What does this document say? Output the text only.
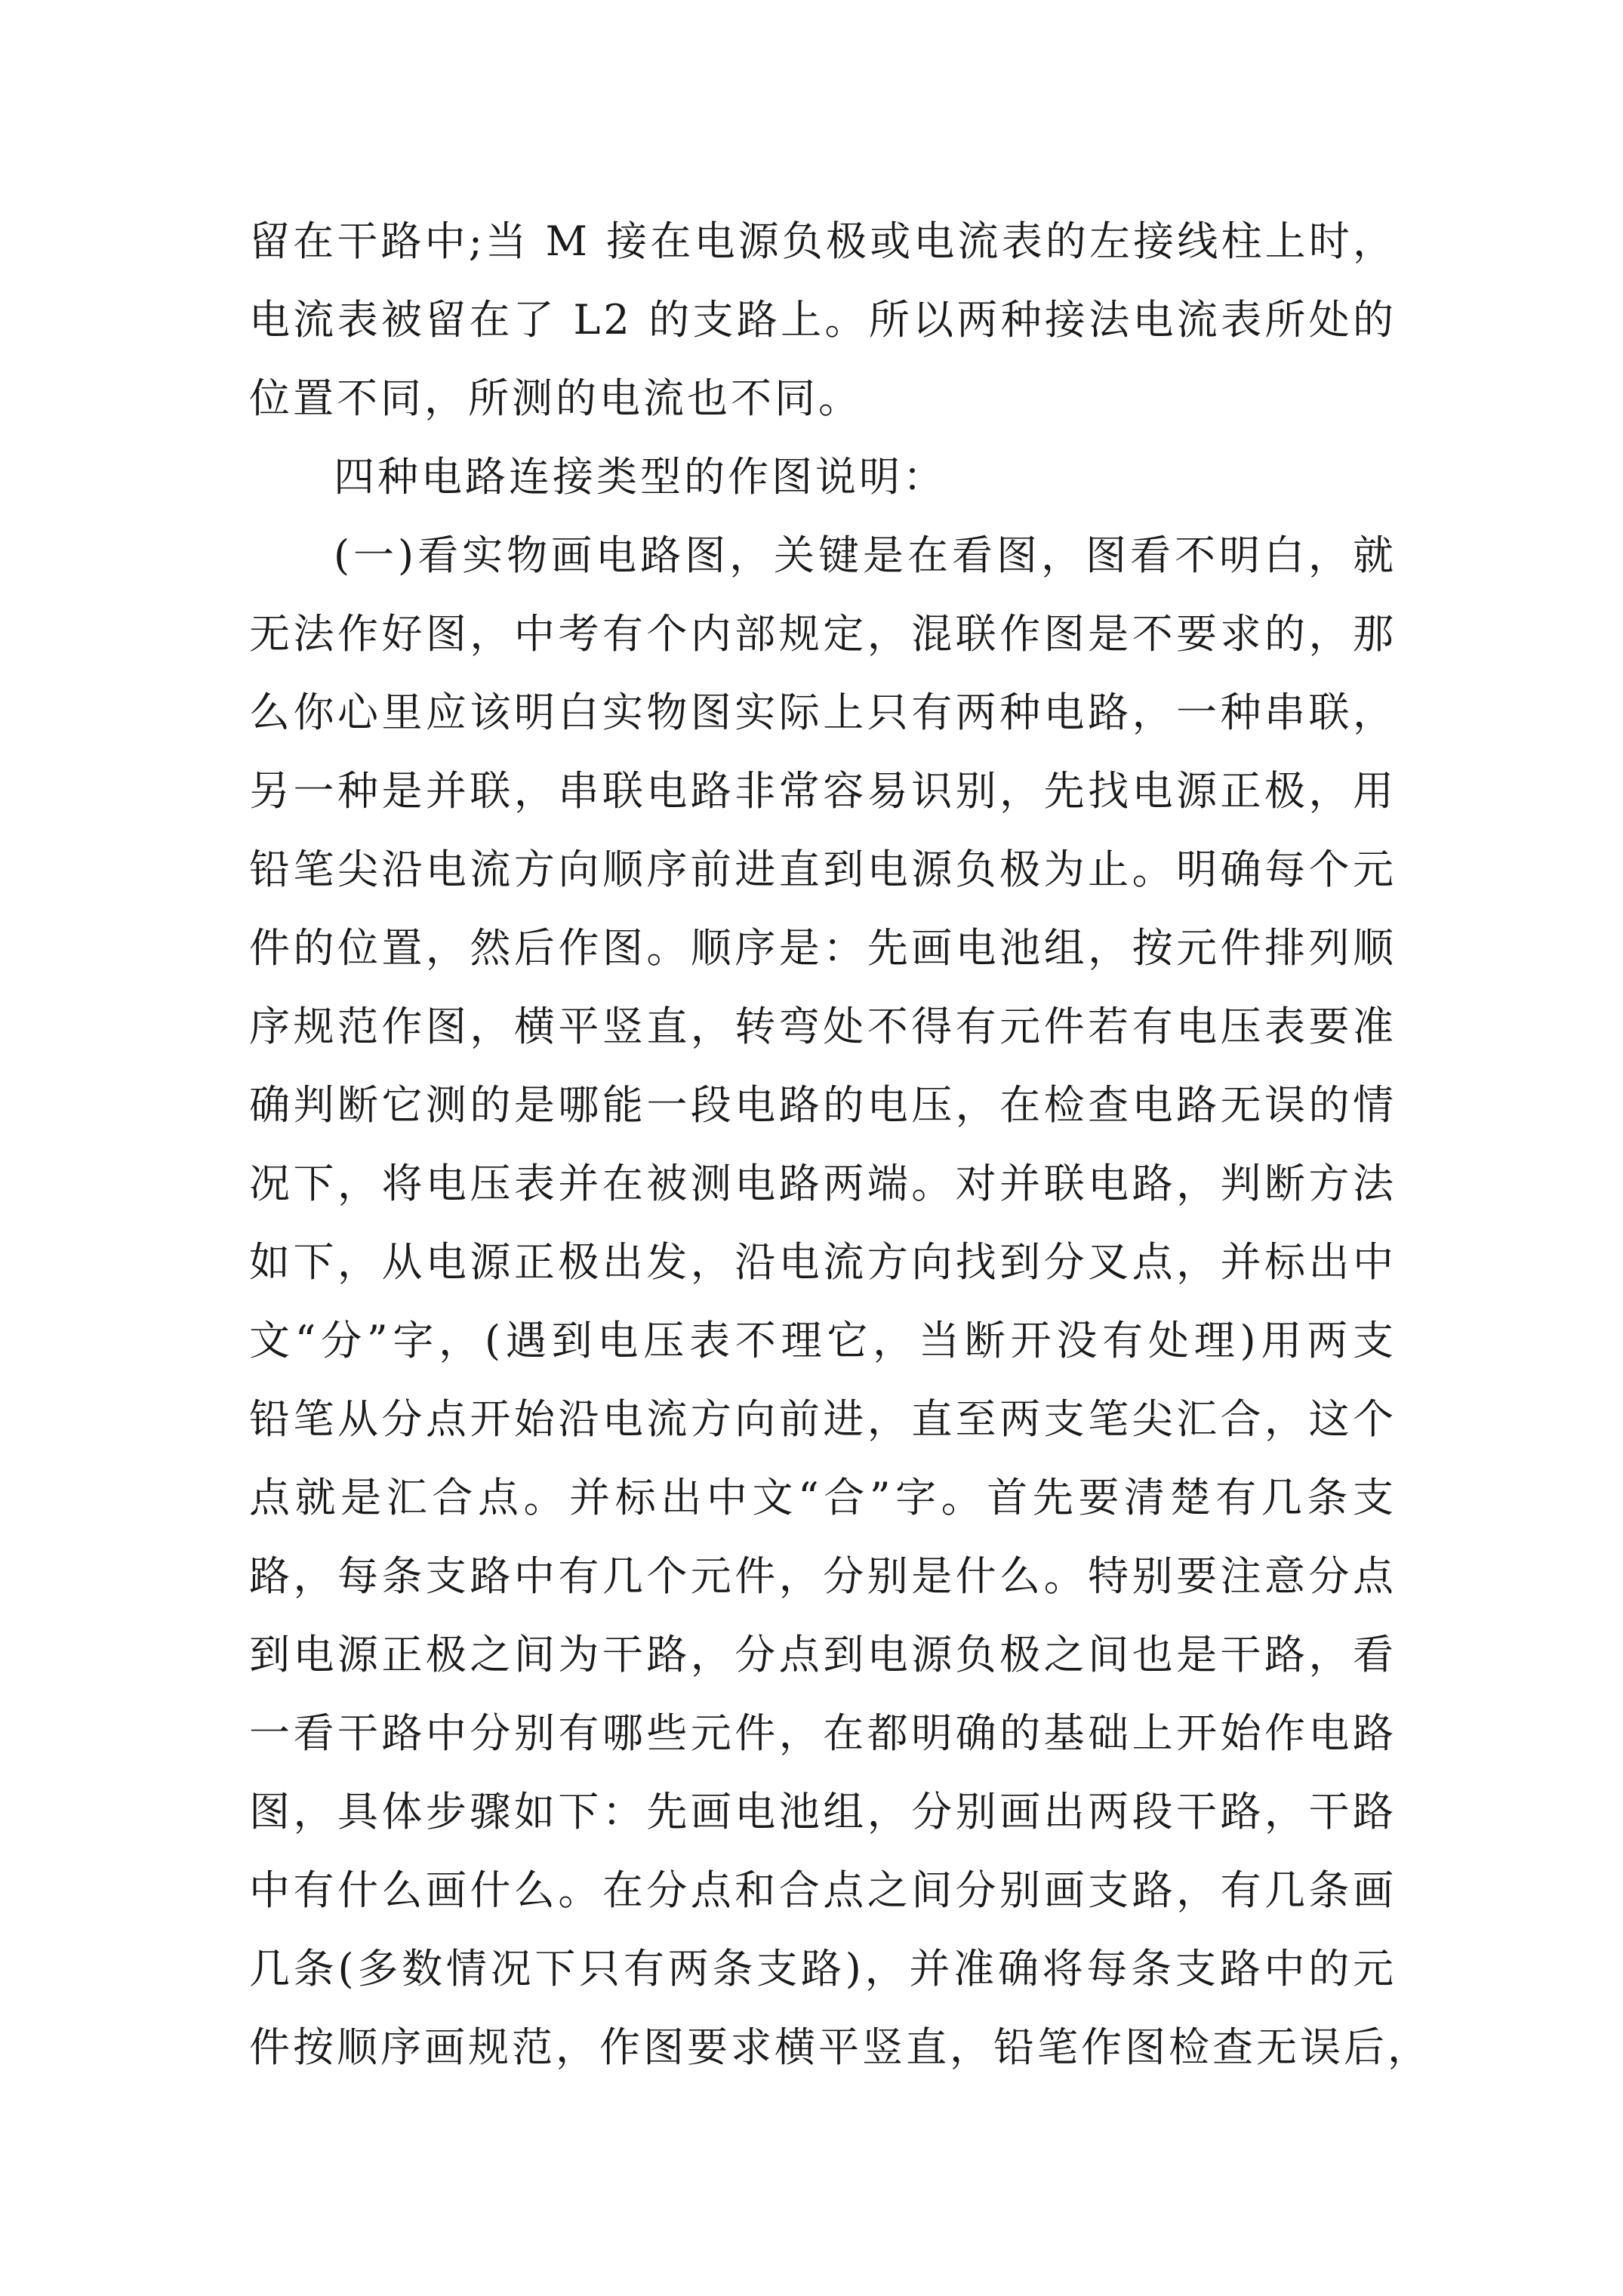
留在干路中;当 M 接在电源负极或电流表的左接线柱上时，
电流表被留在了 L2 的支路上。所以两种接法电流表所处的
位置不同，所测的电流也不同。
四种电路连接类型的作图说明：
(一)看实物画电路图，关键是在看图，图看不明白，就
无法作好图，中考有个内部规定，混联作图是不要求的，那
么你心里应该明白实物图实际上只有两种电路，一种串联，
另一种是并联，串联电路非常容易识别，先找电源正极，用
铅笔尖沿电流方向顺序前进直到电源负极为止。明确每个元
件的位置，然后作图。顺序是：先画电池组，按元件排列顺
序规范作图，横平竖直，转弯处不得有元件若有电压表要准
确判断它测的是哪能一段电路的电压，在检查电路无误的情
况下，将电压表并在被测电路两端。对并联电路，判断方法
如下，从电源正极出发，沿电流方向找到分叉点，并标出中
文“分”字，(遇到电压表不理它，当断开没有处理)用两支
铅笔从分点开始沿电流方向前进，直至两支笔尖汇合，这个
点就是汇合点。并标出中文“合”字。首先要清楚有几条支
路，每条支路中有几个元件，分别是什么。特别要注意分点
到电源正极之间为干路，分点到电源负极之间也是干路，看
一看干路中分别有哪些元件，在都明确的基础上开始作电路
图，具体步骤如下：先画电池组，分别画出两段干路，干路
中有什么画什么。在分点和合点之间分别画支路，有几条画
几条(多数情况下只有两条支路)，并准确将每条支路中的元
件按顺序画规范，作图要求横平竖直，铅笔作图检查无误后，
